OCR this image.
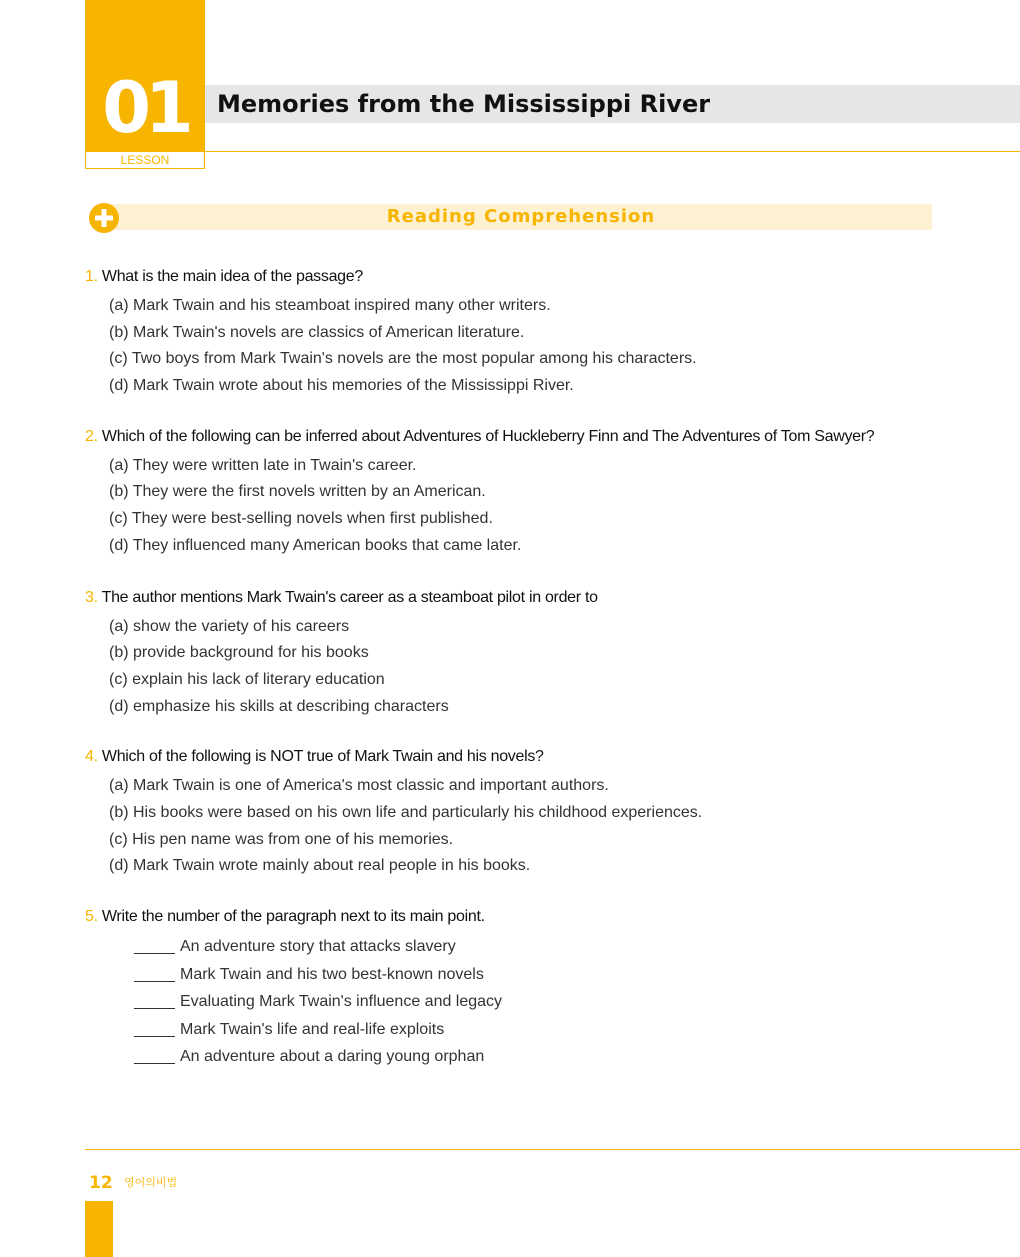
01
LESSON
Memories from the Mississippi River
Reading Comprehension
1. What is the main idea of the passage?
(a) Mark Twain and his steamboat inspired many other writers.
(b) Mark Twain's novels are classics of American literature.
(c) Two boys from Mark Twain's novels are the most popular among his characters.
(d) Mark Twain wrote about his memories of the Mississippi River.
2. Which of the following can be inferred about Adventures of Huckleberry Finn and The Adventures of Tom Sawyer?
(a) They were written late in Twain's career.
(b) They were the first novels written by an American.
(c) They were best-selling novels when first published.
(d) They influenced many American books that came later.
3. The author mentions Mark Twain's career as a steamboat pilot in order to
(a) show the variety of his careers
(b) provide background for his books
(c) explain his lack of literary education
(d) emphasize his skills at describing characters
4. Which of the following is NOT true of Mark Twain and his novels?
(a) Mark Twain is one of America's most classic and important authors.
(b) His books were based on his own life and particularly his childhood experiences.
(c) His pen name was from one of his memories.
(d) Mark Twain wrote mainly about real people in his books.
5. Write the number of the paragraph next to its main point.
An adventure story that attacks slavery
Mark Twain and his two best-known novels
Evaluating Mark Twain's influence and legacy
Mark Twain's life and real-life exploits
An adventure about a daring young orphan
12 영어의비법
